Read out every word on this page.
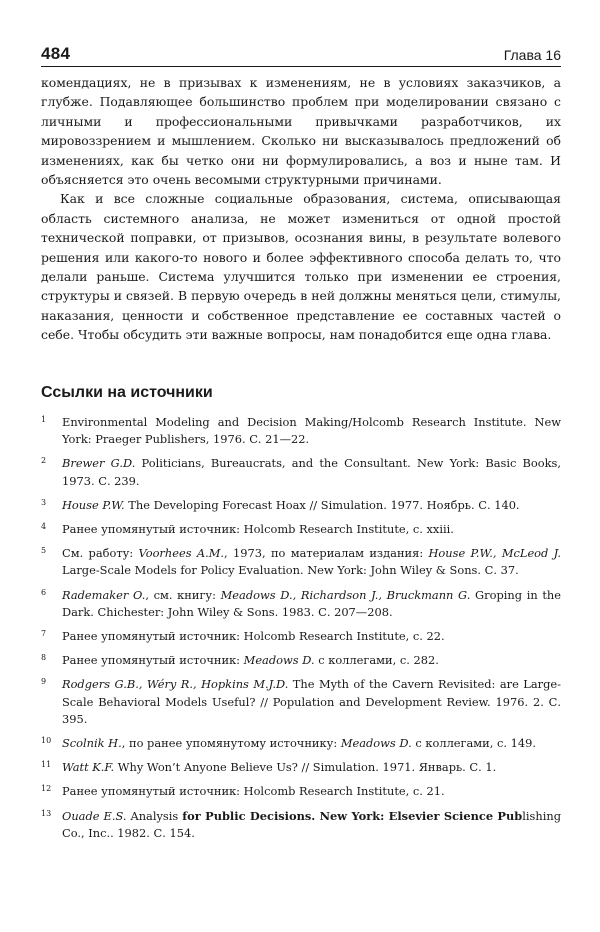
484	Глава 16

комендациях, не в призывах к изменениям, не в условиях заказчиков, а глубже. Подавляющее большинство проблем при моделировании связано с личными и профессиональными привычками разработчиков, их мировоззрением и мышлением. Сколько ни высказывалось предложений об изменениях, как бы четко они ни формулировались, а воз и ныне там. И объясняется это очень весомыми структурными причинами.

Как и все сложные социальные образования, система, описывающая область системного анализа, не может измениться от одной простой технической поправки, от призывов, осознания вины, в результате волевого решения или какого-то нового и более эффективного способа делать то, что делали раньше. Система улучшится только при изменении ее строения, структуры и связей. В первую очередь в ней должны меняться цели, стимулы, наказания, ценности и собственное представление ее составных частей о себе. Чтобы обсудить эти важные вопросы, нам понадобится еще одна глава.

Ссылки на источники
1 Environmental Modeling and Decision Making/Holcomb Research Institute. New York: Praeger Publishers, 1976. С. 21—22.
2 Brewer G.D. Politicians, Bureaucrats, and the Consultant. New York: Basic Books, 1973. С. 239.
3 House P.W. The Developing Forecast Hoax // Simulation. 1977. Ноябрь. С. 140.
4 Ранее упомянутый источник: Holcomb Research Institute, с. xxiii.
5 См. работу: Voorhees A.M., 1973, по материалам издания: House P.W., McLeod J. Large-Scale Models for Policy Evaluation. New York: John Wiley & Sons. С. 37.
6 Rademaker O., см. книгу: Meadows D., Richardson J., Bruckmann G. Groping in the Dark. Chichester: John Wiley & Sons. 1983. С. 207—208.
7 Ранее упомянутый источник: Holcomb Research Institute, с. 22.
8 Ранее упомянутый источник: Meadows D. с коллегами, с. 282.
9 Rodgers G.B., Wéry R., Hopkins M.J.D. The Myth of the Cavern Revisited: are Large-Scale Behavioral Models Useful? // Population and Development Review. 1976. 2. С. 395.
10 Scolnik H., по ранее упомянутому источнику: Meadows D. с коллегами, с. 149.
11 Watt K.F. Why Won’t Anyone Believe Us? // Simulation. 1971. Январь. С. 1.
12 Ранее упомянутый источник: Holcomb Research Institute, с. 21.
13 Ouade E.S. Analysis for Public Decisions. New York: Elsevier Science Publishing Co., Inc.. 1982. С. 154.
